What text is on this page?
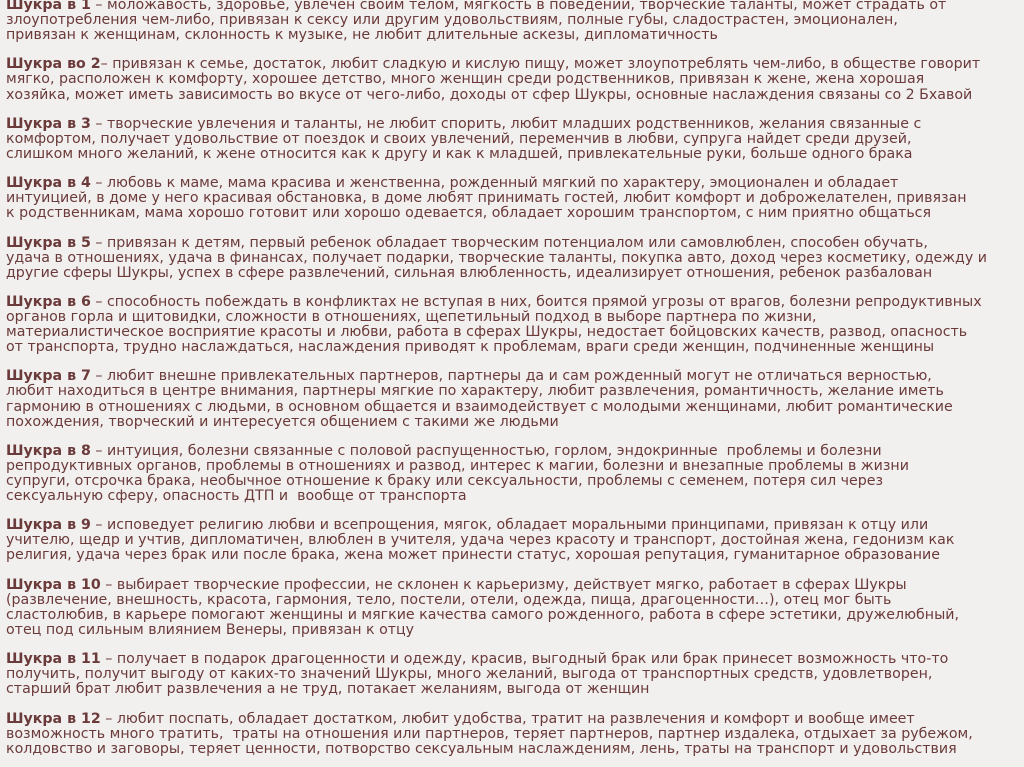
Шукра в 1 – моложавость, здоровье, увлечен своим телом, мягкость в поведении, творческие таланты, может страдать от
злоупотребления чем-либо, привязан к сексу или другим удовольствиям, полные губы, сладострастен, эмоционален,
привязан к женщинам, склонность к музыке, не любит длительные аскезы, дипломатичность
Шукра во 2– привязан к семье, достаток, любит сладкую и кислую пищу, может злоупотреблять чем-либо, в обществе говорит
мягко, расположен к комфорту, хорошее детство, много женщин среди родственников, привязан к жене, жена хорошая
хозяйка, может иметь зависимость во вкусе от чего-либо, доходы от сфер Шукры, основные наслаждения связаны со 2 Бхавой
Шукра в 3 – творческие увлечения и таланты, не любит спорить, любит младших родственников, желания связанные с
комфортом, получает удовольствие от поездок и своих увлечений, переменчив в любви, супруга найдет среди друзей,
слишком много желаний, к жене относится как к другу и как к младшей, привлекательные руки, больше одного брака
Шукра в 4 – любовь к маме, мама красива и женственна, рожденный мягкий по характеру, эмоционален и обладает
интуицией, в доме у него красивая обстановка, в доме любят принимать гостей, любит комфорт и доброжелателен, привязан
к родственникам, мама хорошо готовит или хорошо одевается, обладает хорошим транспортом, с ним приятно общаться
Шукра в 5 – привязан к детям, первый ребенок обладает творческим потенциалом или самовлюблен, способен обучать,
удача в отношениях, удача в финансах, получает подарки, творческие таланты, покупка авто, доход через косметику, одежду и
другие сферы Шукры, успех в сфере развлечений, сильная влюбленность, идеализирует отношения, ребенок разбалован
Шукра в 6 – способность побеждать в конфликтах не вступая в них, боится прямой угрозы от врагов, болезни репродуктивных
органов горла и щитовидки, сложности в отношениях, щепетильный подход в выборе партнера по жизни,
материалистическое восприятие красоты и любви, работа в сферах Шукры, недостает бойцовских качеств, развод, опасность
от транспорта, трудно наслаждаться, наслаждения приводят к проблемам, враги среди женщин, подчиненные женщины
Шукра в 7 – любит внешне привлекательных партнеров, партнеры да и сам рожденный могут не отличаться верностью,
любит находиться в центре внимания, партнеры мягкие по характеру, любит развлечения, романтичность, желание иметь
гармонию в отношениях с людьми, в основном общается и взаимодействует с молодыми женщинами, любит романтические
похождения, творческий и интересуется общением с такими же людьми
Шукра в 8 – интуиция, болезни связанные с половой распущенностью, горлом, эндокринные  проблемы и болезни
репродуктивных органов, проблемы в отношениях и развод, интерес к магии, болезни и внезапные проблемы в жизни
супруги, отсрочка брака, необычное отношение к браку или сексуальности, проблемы с семенем, потеря сил через
сексуальную сферу, опасность ДТП и  вообще от транспорта
Шукра в 9 – исповедует религию любви и всепрощения, мягок, обладает моральными принципами, привязан к отцу или
учителю, щедр и учтив, дипломатичен, влюблен в учителя, удача через красоту и транспорт, достойная жена, гедонизм как
религия, удача через брак или после брака, жена может принести статус, хорошая репутация, гуманитарное образование
Шукра в 10 – выбирает творческие профессии, не склонен к карьеризму, действует мягко, работает в сферах Шукры
(развлечение, внешность, красота, гармония, тело, постели, отели, одежда, пища, драгоценности…), отец мог быть
сластолюбив, в карьере помогают женщины и мягкие качества самого рожденного, работа в сфере эстетики, дружелюбный,
отец под сильным влиянием Венеры, привязан к отцу
Шукра в 11 – получает в подарок драгоценности и одежду, красив, выгодный брак или брак принесет возможность что-то
получить, получит выгоду от каких-то значений Шукры, много желаний, выгода от транспортных средств, удовлетворен,
старший брат любит развлечения а не труд, потакает желаниям, выгода от женщин
Шукра в 12 – любит поспать, обладает достатком, любит удобства, тратит на развлечения и комфорт и вообще имеет
возможность много тратить,  траты на отношения или партнеров, теряет партнеров, партнер издалека, отдыхает за рубежом,
колдовство и заговоры, теряет ценности, потворство сексуальным наслаждениям, лень, траты на транспорт и удовольствия
